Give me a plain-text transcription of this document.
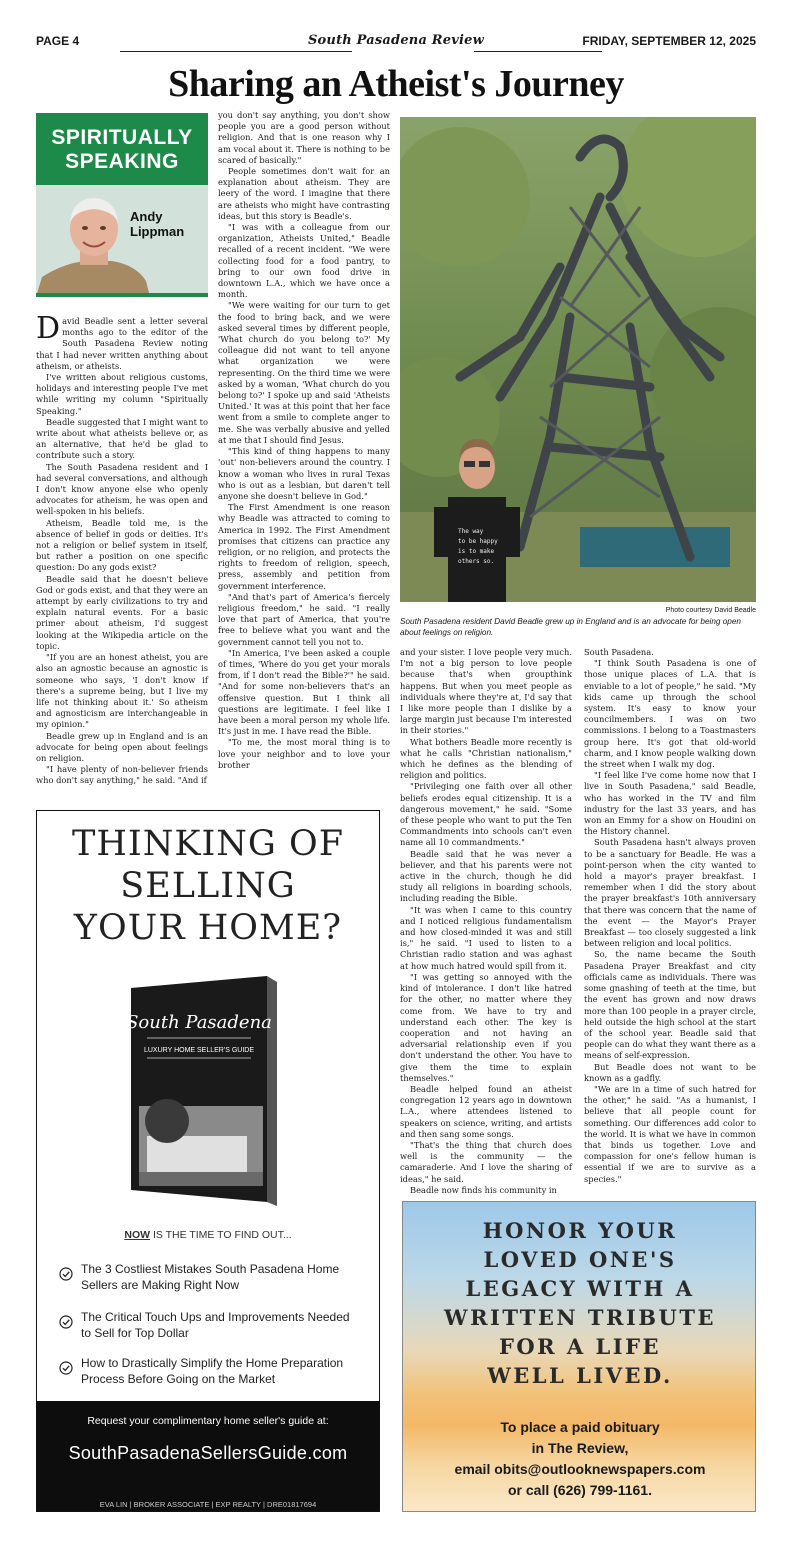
PAGE 4	South Pasadena Review	FRIDAY, SEPTEMBER 12, 2025
Sharing an Atheist's Journey
SPIRITUALLY
SPEAKING
Andy
Lippman

David Beadle sent a letter several months ago to the editor of the South Pasadena Review noting that I had never written anything about atheism, or atheists.

I've written about religious customs, holidays and interesting people I've met while writing my column "Spiritually Speaking."

Beadle suggested that I might want to write about what atheists believe or, as an alternative, that he'd be glad to contribute such a story.

The South Pasadena resident and I had several conversations, and although I don't know anyone else who openly advocates for atheism, he was open and well-spoken in his beliefs.

Atheism, Beadle told me, is the absence of belief in gods or deities. It's not a religion or belief system in itself, but rather a position on one specific question: Do any gods exist?

Beadle said that he doesn't believe God or gods exist, and that they were an attempt by early civilizations to try and explain natural events. For a basic primer about atheism, I'd suggest looking at the Wikipedia article on the topic.

"If you are an honest atheist, you are also an agnostic because an agnostic is someone who says, 'I don't know if there's a supreme being, but I live my life not thinking about it.' So atheism and agnosticism are interchangeable in my opinion."

Beadle grew up in England and is an advocate for being open about feelings on religion.

"I have plenty of non-believer friends who don't say anything," he said. "And if

you don't say anything, you don't show people you are a good person without religion. And that is one reason why I am vocal about it. There is nothing to be scared of basically."

People sometimes don't wait for an explanation about atheism. They are leery of the word. I imagine that there are atheists who might have contrasting ideas, but this story is Beadle's.

"I was with a colleague from our organization, Atheists United," Beadle recalled of a recent incident. "We were collecting food for a food pantry, to bring to our own food drive in downtown L.A., which we have once a month.

"We were waiting for our turn to get the food to bring back, and we were asked several times by different people, 'What church do you belong to?' My colleague did not want to tell anyone what organization we were representing. On the third time we were asked by a woman, 'What church do you belong to?' I spoke up and said 'Atheists United.' It was at this point that her face went from a smile to complete anger to me. She was verbally abusive and yelled at me that I should find Jesus.

"This kind of thing happens to many 'out' non-believers around the country. I know a woman who lives in rural Texas who is out as a lesbian, but daren't tell anyone she doesn't believe in God."

The First Amendment is one reason why Beadle was attracted to coming to America in 1992. The First Amendment promises that citizens can practice any religion, or no religion, and protects the rights to freedom of religion, speech, press, assembly and petition from government interference.

"And that's part of America's fiercely religious freedom," he said. "I really love that part of America, that you're free to believe what you want and the government cannot tell you not to.

"In America, I've been asked a couple of times, 'Where do you get your morals from, if I don't read the Bible?'" he said. "And for some non-believers that's an offensive question. But I think all questions are legitimate. I feel like I have been a moral person my whole life. It's just in me. I have read the Bible.

"To me, the most moral thing is to love your neighbor and to love your brother

and your sister. I love people very much. I'm not a big person to love people because that's when groupthink happens. But when you meet people as individuals where they're at, I'd say that I like more people than I dislike by a large margin just because I'm interested in their stories."

What bothers Beadle more recently is what he calls "Christian nationalism," which he defines as the blending of religion and politics.

"Privileging one faith over all other beliefs erodes equal citizenship. It is a dangerous movement," he said. "Some of these people who want to put the Ten Commandments into schools can't even name all 10 commandments."

Beadle said that he was never a believer, and that his parents were not active in the church, though he did study all religions in boarding schools, including reading the Bible.

"It was when I came to this country and I noticed religious fundamentalism and how closed-minded it was and still is," he said. "I used to listen to a Christian radio station and was aghast at how much hatred would spill from it.

"I was getting so annoyed with the kind of intolerance. I don't like hatred for the other, no matter where they come from. We have to try and understand each other. The key is cooperation and not having an adversarial relationship even if you don't understand the other. You have to give them the time to explain themselves."

Beadle helped found an atheist congregation 12 years ago in downtown L.A., where attendees listened to speakers on science, writing, and artists and then sang some songs.

"That's the thing that church does well is the community — the camaraderie. And I love the sharing of ideas," he said.

Beadle now finds his community in

South Pasadena.

"I think South Pasadena is one of those unique places of L.A. that is enviable to a lot of people," he said. "My kids came up through the school system. It's easy to know your councilmembers. I was on two commissions. I belong to a Toastmasters group here. It's got that old-world charm, and I know people walking down the street when I walk my dog.

"I feel like I've come home now that I live in South Pasadena," said Beadle, who has worked in the TV and film industry for the last 33 years, and has won an Emmy for a show on Houdini on the History channel.

South Pasadena hasn't always proven to be a sanctuary for Beadle. He was a point-person when the city wanted to hold a mayor's prayer breakfast. I remember when I did the story about the prayer breakfast's 10th anniversary that there was concern that the name of the event — the Mayor's Prayer Breakfast — too closely suggested a link between religion and local politics.

So, the name became the South Pasadena Prayer Breakfast and city officials came as individuals. There was some gnashing of teeth at the time, but the event has grown and now draws more than 100 people in a prayer circle, held outside the high school at the start of the school year. Beadle said that people can do what they want there as a means of self-expression.

But Beadle does not want to be known as a gadfly.

"We are in a time of such hatred for the other," he said. "As a humanist, I believe that all people count for something. Our differences add color to the world. It is what we have in common that binds us together. Love and compassion for one's fellow human is essential if we are to survive as a species."

The way
to be happy
is to make
others so.
Photo courtesy David Beadle
South Pasadena resident David Beadle grew up in England and is an advocate for being open about feelings on religion.
THINKING OF
SELLING
YOUR HOME?
South Pasadena
LUXURY HOME SELLER'S GUIDE
NOW IS THE TIME TO FIND OUT...
The 3 Costliest Mistakes South Pasadena Home Sellers are Making Right Now
The Critical Touch Ups and Improvements Needed to Sell for Top Dollar
How to Drastically Simplify the Home Preparation Process Before Going on the Market
Request your complimentary home seller's guide at:
SouthPasadenaSellersGuide.com
EVA LIN | BROKER ASSOCIATE | EXP REALTY | DRE01817694
HONOR YOUR
LOVED ONE'S
LEGACY WITH A
WRITTEN TRIBUTE
FOR A LIFE
WELL LIVED.
To place a paid obituary
in The Review,
email obits@outlooknewspapers.com
or call (626) 799-1161.
